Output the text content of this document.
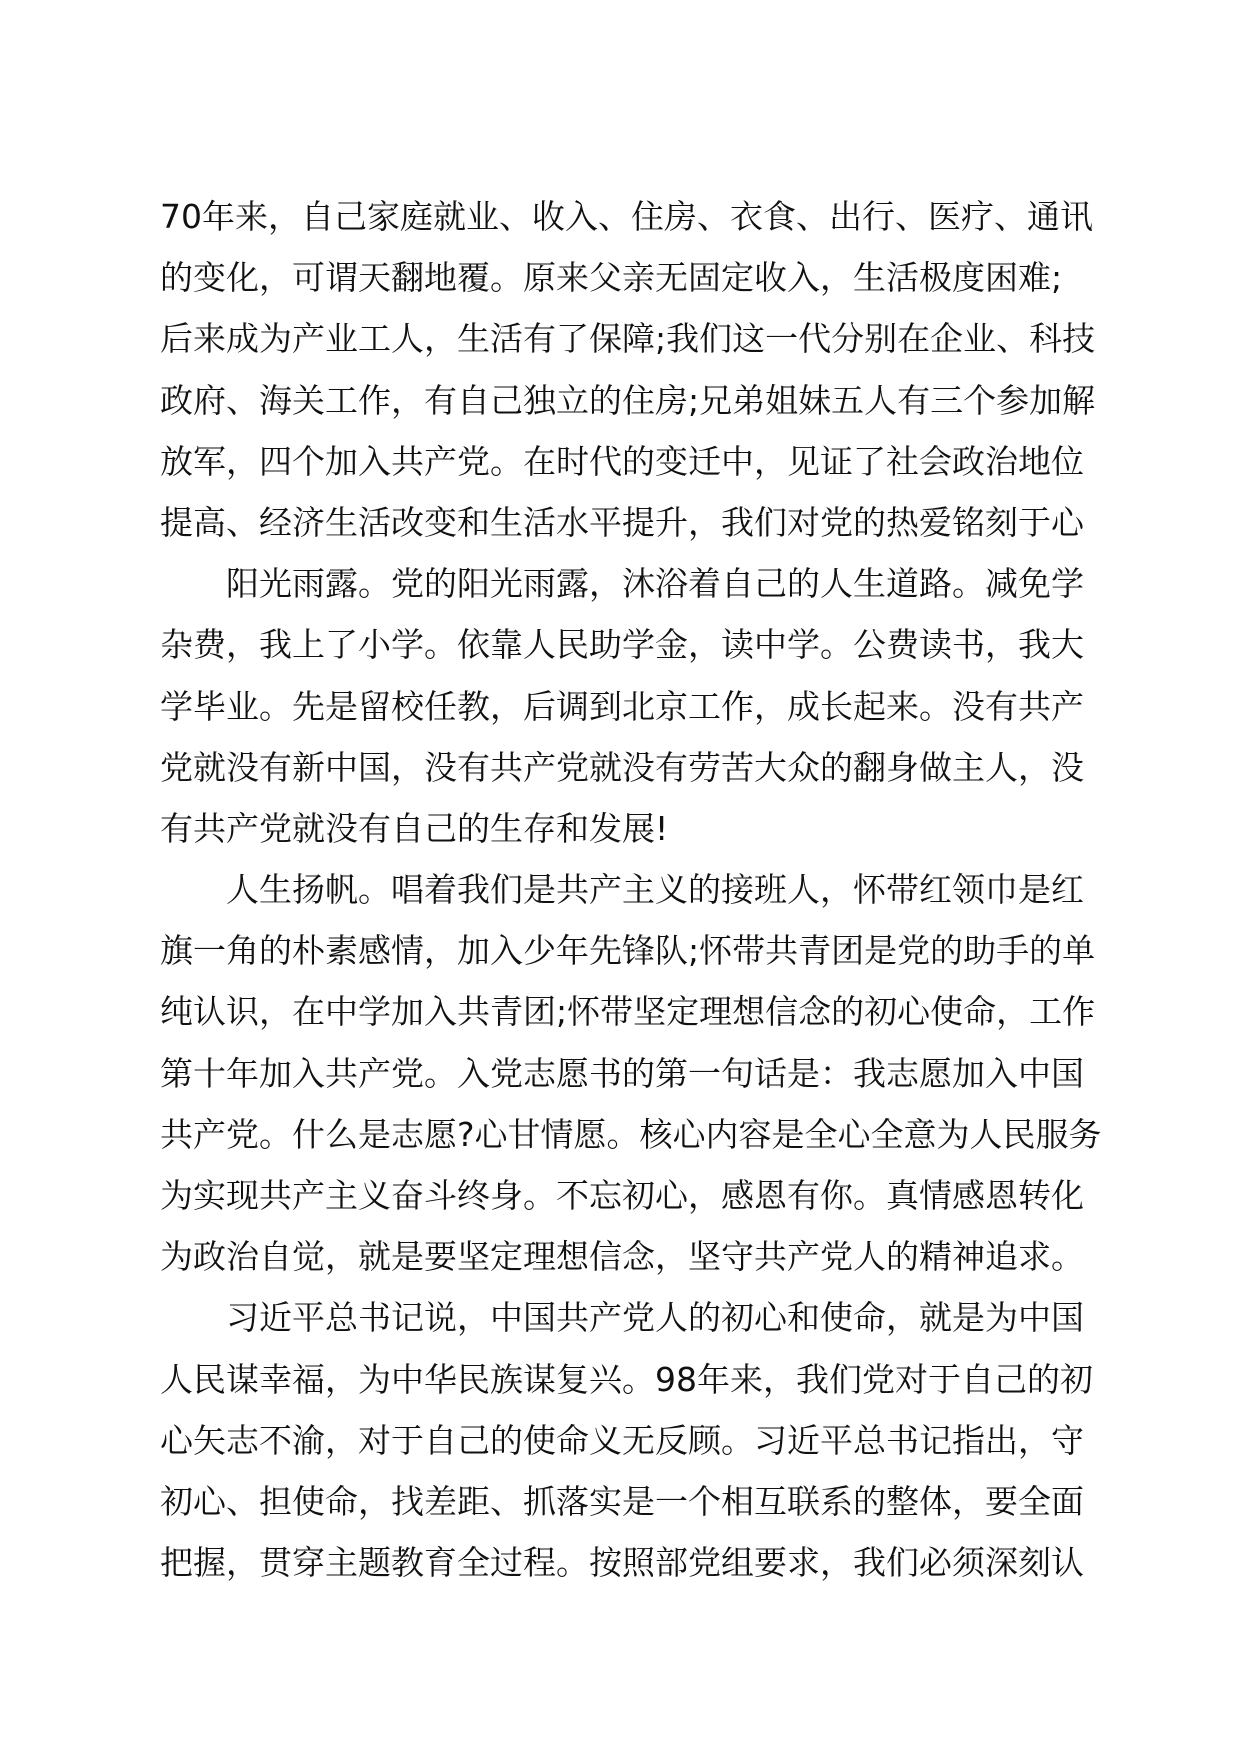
70年来，自己家庭就业、收入、住房、衣食、出行、医疗、通讯
的变化，可谓天翻地覆。原来父亲无固定收入，生活极度困难;
后来成为产业工人，生活有了保障;我们这一代分别在企业、科技
政府、海关工作，有自己独立的住房;兄弟姐妹五人有三个参加解
放军，四个加入共产党。在时代的变迁中，见证了社会政治地位
提高、经济生活改变和生活水平提升，我们对党的热爱铭刻于心
　　阳光雨露。党的阳光雨露，沐浴着自己的人生道路。减免学
杂费，我上了小学。依靠人民助学金，读中学。公费读书，我大
学毕业。先是留校任教，后调到北京工作，成长起来。没有共产
党就没有新中国，没有共产党就没有劳苦大众的翻身做主人，没
有共产党就没有自己的生存和发展!
　　人生扬帆。唱着我们是共产主义的接班人，怀带红领巾是红
旗一角的朴素感情，加入少年先锋队;怀带共青团是党的助手的单
纯认识，在中学加入共青团;怀带坚定理想信念的初心使命，工作
第十年加入共产党。入党志愿书的第一句话是：我志愿加入中国
共产党。什么是志愿?心甘情愿。核心内容是全心全意为人民服务
为实现共产主义奋斗终身。不忘初心，感恩有你。真情感恩转化
为政治自觉，就是要坚定理想信念，坚守共产党人的精神追求。
　　习近平总书记说，中国共产党人的初心和使命，就是为中国
人民谋幸福，为中华民族谋复兴。98年来，我们党对于自己的初
心矢志不渝，对于自己的使命义无反顾。习近平总书记指出，守
初心、担使命，找差距、抓落实是一个相互联系的整体，要全面
把握，贯穿主题教育全过程。按照部党组要求，我们必须深刻认
